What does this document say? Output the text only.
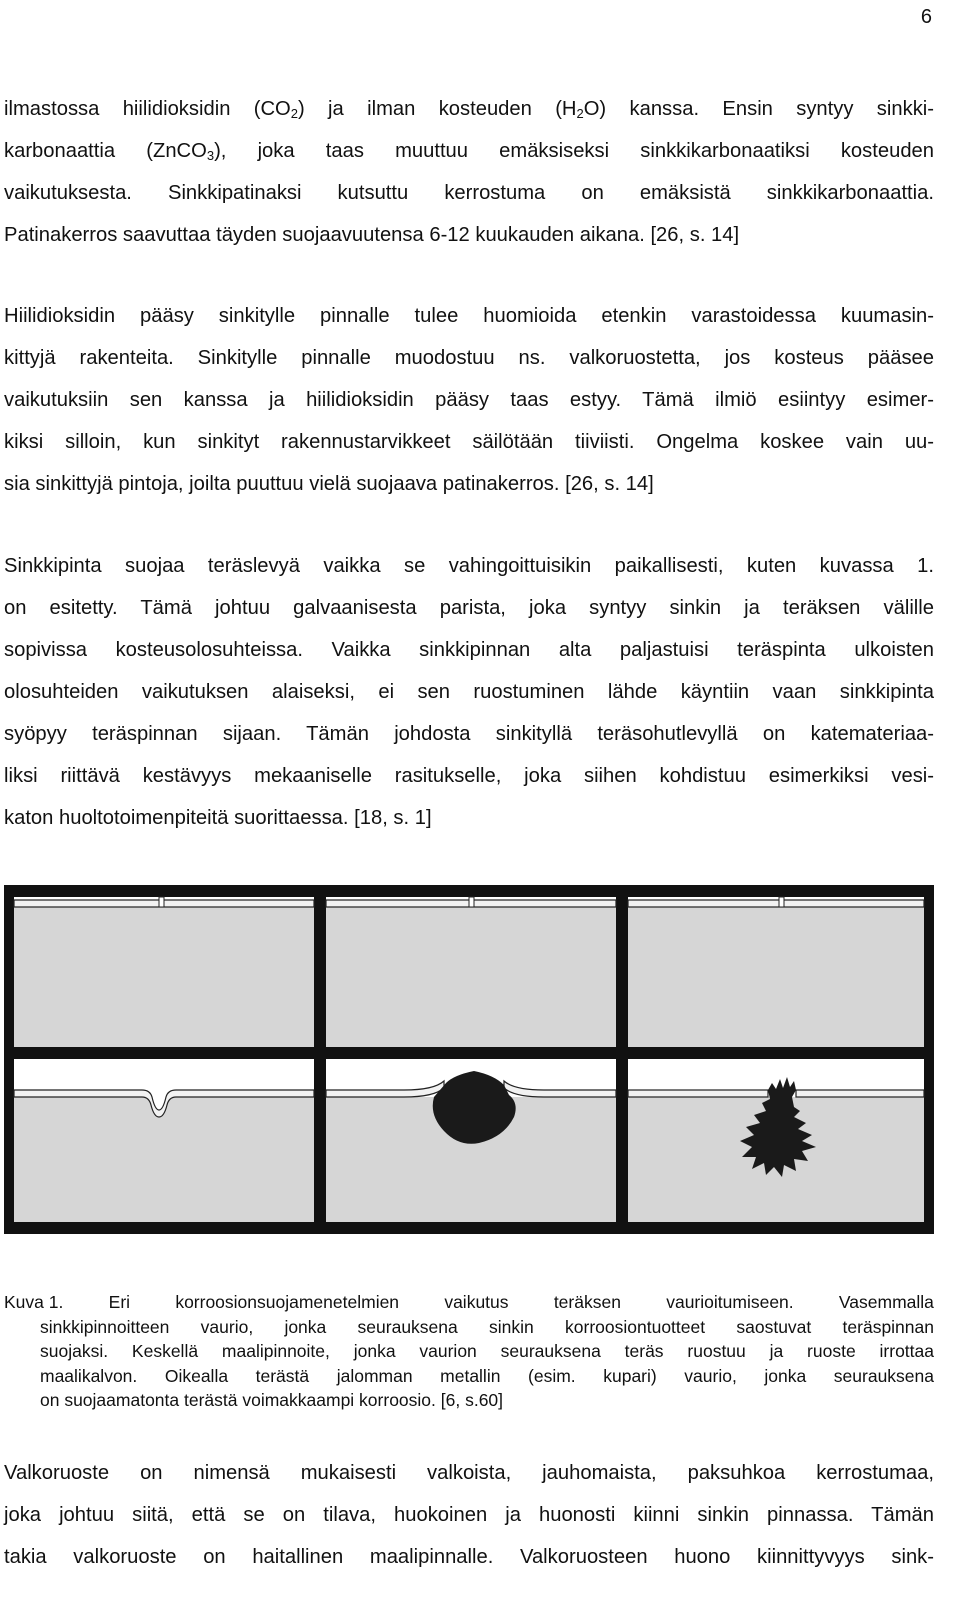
6
ilmastossa hiilidioksidin $(CO_2)$ ja ilman kosteuden $(H_2O)$ kanssa. Ensin syntyy sinkki-
karbonaattia (ZnCO$_3$), joka taas muuttuu emäksiseksi sinkkikarbonaatiksi kosteuden
vaikutuksesta. Sinkkipatinaksi kutsuttu kerrostuma on emäksistä sinkkikarbonaattia.
Patinakerros saavuttaa täyden suojaavuutensa 6-12 kuukauden aikana. [26, s. 14]
Hiilidioksidin pääsy sinkitylle pinnalle tulee huomioida etenkin varastoidessa kuumasin-
kittyjä rakenteita. Sinkitylle pinnalle muodostuu ns. valkoruostetta, jos kosteus pääsee
vaikutuksiin sen kanssa ja hiilidioksidin pääsy taas estyy. Tämä ilmiö esiintyy esimer-
kiksi silloin, kun sinkityt rakennustarvikkeet säilötään tiiviisti. Ongelma koskee vain uu-
sia sinkittyjä pintoja, joilta puuttuu vielä suojaava patinakerros. [26, s. 14]
Sinkkipinta suojaa teräslevyä vaikka se vahingoittuisikin paikallisesti, kuten kuvassa 1.
on esitetty. Tämä johtuu galvaanisesta parista, joka syntyy sinkin ja teräksen välille
sopivissa kosteusolosuhteissa. Vaikka sinkkipinnan alta paljastuisi teräspinta ulkoisten
olosuhteiden vaikutuksen alaiseksi, ei sen ruostuminen lähde käyntiin vaan sinkkipinta
syöpyy teräspinnan sijaan. Tämän johdosta sinkityllä teräsohutlevyllä on katemateriaa-
liksi riittävä kestävyys mekaaniselle rasitukselle, joka siihen kohdistuu esimerkiksi vesi-
katon huoltotoimenpiteitä suorittaessa. [18, s. 1]
Kuva 1.	Eri	korroosionsuojamenetelmien	vaikutus	teräksen	vaurioitumiseen.	Vasemmalla
sinkkipinnoitteen vaurio, jonka seurauksena sinkin korroosiontuotteet saostuvat teräspinnan
suojaksi. Keskellä maalipinnoite, jonka vaurion seurauksena teräs ruostuu ja ruoste irrottaa
maalikalvon. Oikealla terästä jalomman metallin (esim. kupari) vaurio, jonka seurauksena
on suojaamatonta terästä voimakkaampi korroosio. [6, s.60]
Valkoruoste on nimensä mukaisesti valkoista, jauhomaista, paksuhkoa kerrostumaa,
joka johtuu siitä, että se on tilava, huokoinen ja huonosti kiinni sinkin pinnassa. Tämän
takia valkoruoste on haitallinen maalipinnalle. Valkoruosteen huono kiinnittyvyys sink-
